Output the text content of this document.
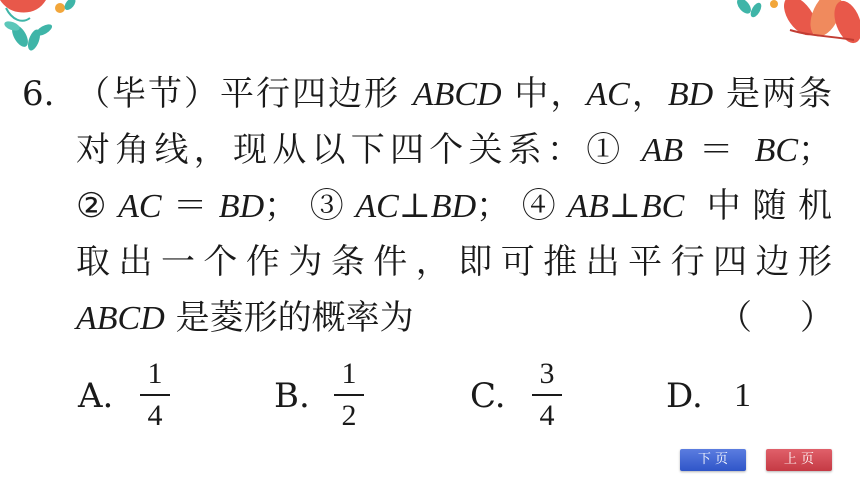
6. （毕节）平行四边形 ABCD 中，AC，BD 是两条
对角线，现从以下四个关系：① AB ＝ BC；
②AC＝BD；③AC⊥BD；④AB⊥BC 中随机
取出一个作为条件，即可推出平行四边形
ABCD 是菱形的概率为	（ ）
A.
1
4	B.
1
2	C.
3
4	D. 1
下 页	上 页
